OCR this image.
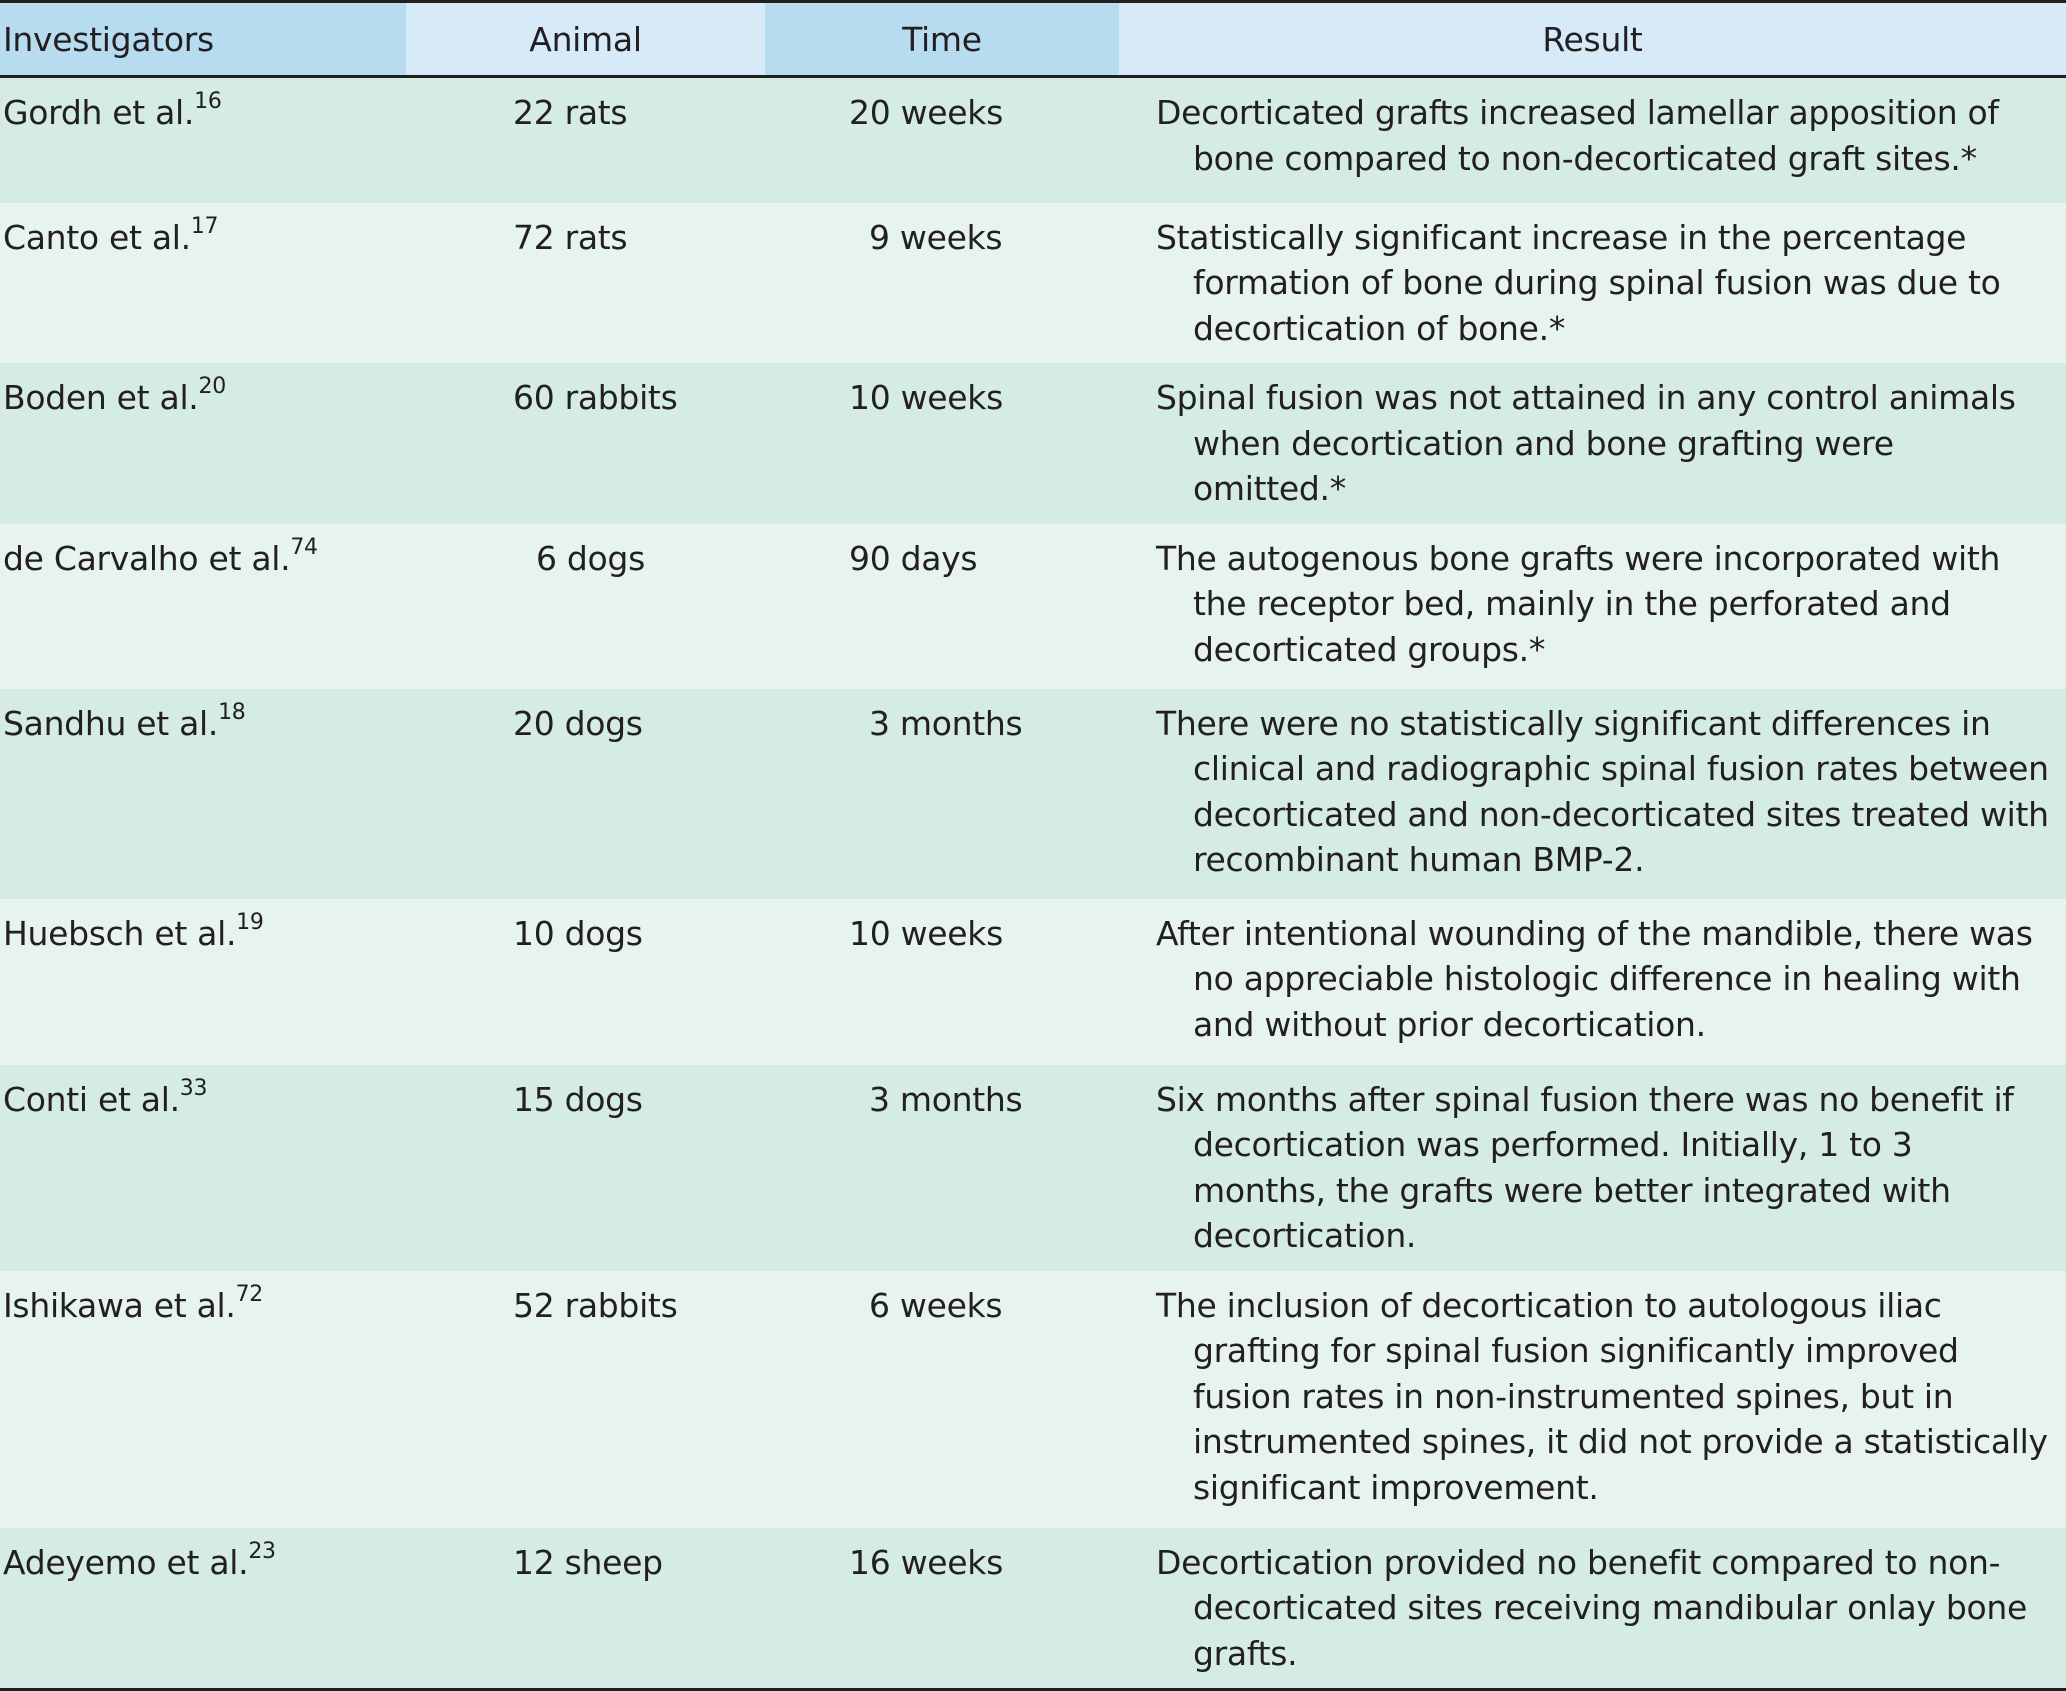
Investigators	Animal	Time	Result
Gordh et al.$^{16}$	22 rats	20 weeks	Decorticated grafts increased lamellar apposition of bone compared to non-decorticated graft sites.*
Canto et al.$^{17}$	72 rats	9 weeks	Statistically significant increase in the percentage formation of bone during spinal fusion was due to decortication of bone.*
Boden et al.$^{20}$	60 rabbits	10 weeks	Spinal fusion was not attained in any control animals when decortication and bone grafting were omitted.*
de Carvalho et al.$^{74}$	6 dogs	90 days	The autogenous bone grafts were incorporated with the receptor bed, mainly in the perforated and decorticated groups.*
Sandhu et al.$^{18}$	20 dogs	3 months	There were no statistically significant differences in clinical and radiographic spinal fusion rates between decorticated and non-decorticated sites treated with recombinant human BMP-2.
Huebsch et al.$^{19}$	10 dogs	10 weeks	After intentional wounding of the mandible, there was no appreciable histologic difference in healing with and without prior decortication.
Conti et al.$^{33}$	15 dogs	3 months	Six months after spinal fusion there was no benefit if decortication was performed. Initially, 1 to 3 months, the grafts were better integrated with decortication.
Ishikawa et al.$^{72}$	52 rabbits	6 weeks	The inclusion of decortication to autologous iliac grafting for spinal fusion significantly improved fusion rates in non-instrumented spines, but in instrumented spines, it did not provide a statistically significant improvement.
Adeyemo et al.$^{23}$	12 sheep	16 weeks	Decortication provided no benefit compared to non-decorticated sites receiving mandibular onlay bone grafts.
